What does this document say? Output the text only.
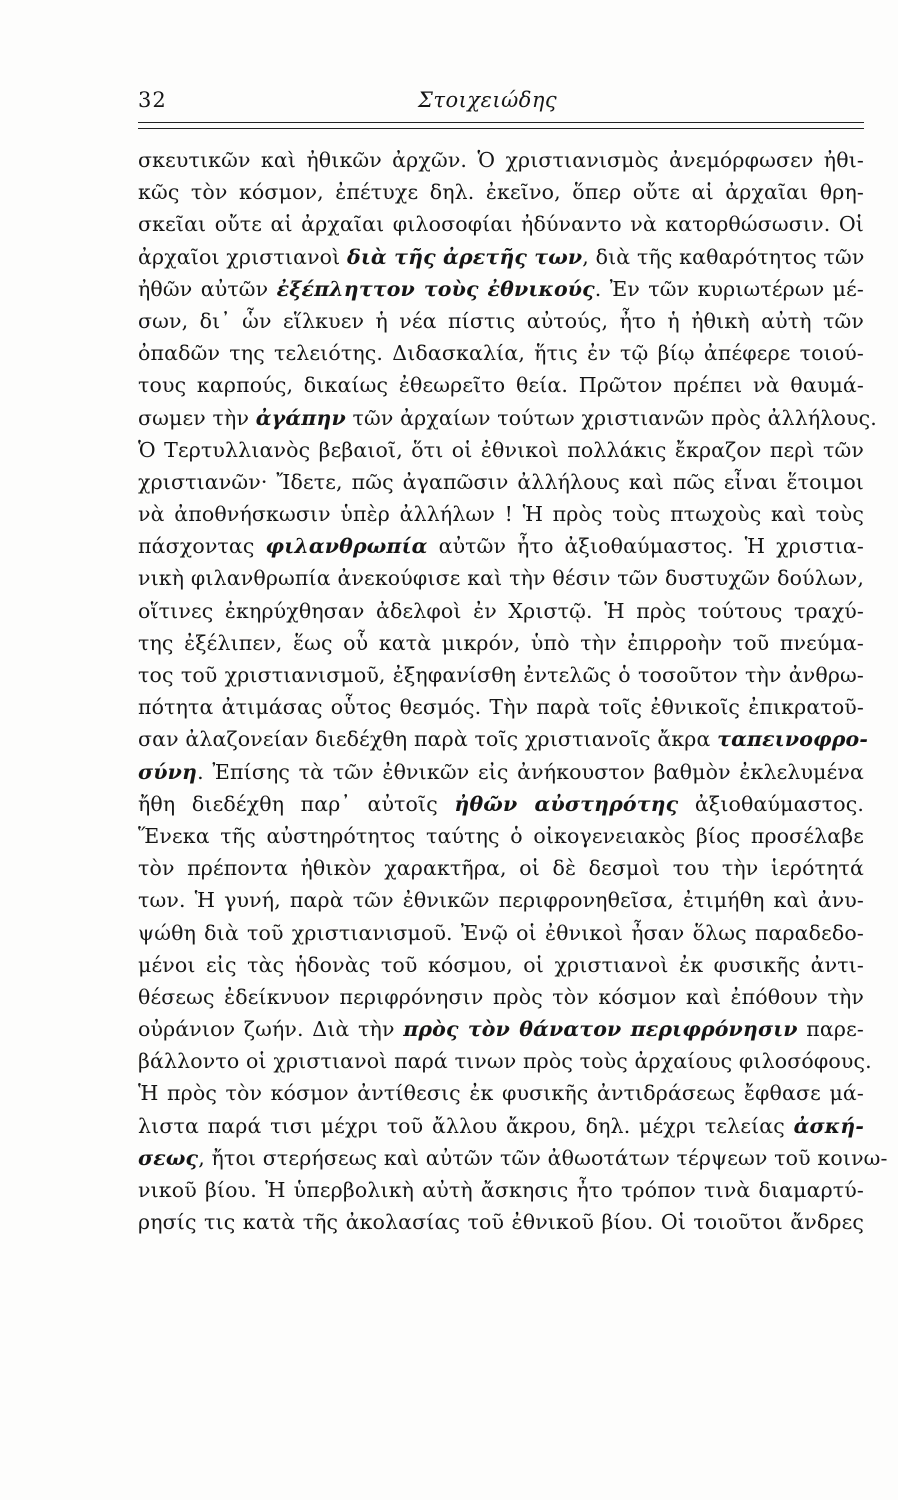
32	Στοιχειώδης
σκευτικῶν καὶ ἠθικῶν ἀρχῶν. Ὁ χριστιανισμὸς ἀνεμόρφωσεν ἠθι-
κῶς τὸν κόσμον, ἐπέτυχε δηλ. ἐκεῖνο, ὅπερ οὔτε αἱ ἀρχαῖαι θρη-
σκεῖαι οὔτε αἱ ἀρχαῖαι φιλοσοφίαι ἠδύναντο νὰ κατορθώσωσιν. Οἱ
ἀρχαῖοι χριστιανοὶ διὰ τῆς ἀρετῆς των, διὰ τῆς καθαρότητος τῶν
ἠθῶν αὐτῶν ἐξέπληττον τοὺς ἐθνικούς. Ἐν τῶν κυριωτέρων μέ-
σων, δι᾽ ὧν εἵλκυεν ἡ νέα πίστις αὐτούς, ἦτο ἡ ἠθικὴ αὐτὴ τῶν
ὀπαδῶν της τελειότης. Διδασκαλία, ἥτις ἐν τῷ βίῳ ἀπέφερε τοιού-
τους καρπούς, δικαίως ἐθεωρεῖτο θεία. Πρῶτον πρέπει νὰ θαυμά-
σωμεν τὴν ἀγάπην τῶν ἀρχαίων τούτων χριστιανῶν πρὸς ἀλλήλους.
Ὁ Τερτυλλιανὸς βεβαιοῖ, ὅτι οἱ ἐθνικοὶ πολλάκις ἔκραζον περὶ τῶν
χριστιανῶν· Ἴδετε, πῶς ἀγαπῶσιν ἀλλήλους καὶ πῶς εἶναι ἕτοιμοι
νὰ ἀποθνήσκωσιν ὑπὲρ ἀλλήλων ! Ἡ πρὸς τοὺς πτωχοὺς καὶ τοὺς
πάσχοντας φιλανθρωπία αὐτῶν ἦτο ἀξιοθαύμαστος. Ἡ χριστια-
νικὴ φιλανθρωπία ἀνεκούφισε καὶ τὴν θέσιν τῶν δυστυχῶν δούλων,
οἵτινες ἐκηρύχθησαν ἀδελφοὶ ἐν Χριστῷ. Ἡ πρὸς τούτους τραχύ-
της ἐξέλιπεν, ἕως οὗ κατὰ μικρόν, ὑπὸ τὴν ἐπιρροὴν τοῦ πνεύμα-
τος τοῦ χριστιανισμοῦ, ἐξηφανίσθη ἐντελῶς ὁ τοσοῦτον τὴν ἀνθρω-
πότητα ἀτιμάσας οὗτος θεσμός. Τὴν παρὰ τοῖς ἐθνικοῖς ἐπικρατοῦ-
σαν ἀλαζονείαν διεδέχθη παρὰ τοῖς χριστιανοῖς ἄκρα ταπεινοφρο-
σύνη. Ἐπίσης τὰ τῶν ἐθνικῶν εἰς ἀνήκουστον βαθμὸν ἐκλελυμένα
ἤθη διεδέχθη παρ᾽ αὐτοῖς ἠθῶν αὐστηρότης ἀξιοθαύμαστος.
Ἕνεκα τῆς αὐστηρότητος ταύτης ὁ οἰκογενειακὸς βίος προσέλαβε
τὸν πρέποντα ἠθικὸν χαρακτῆρα, οἱ δὲ δεσμοὶ του τὴν ἱερότητά
των. Ἡ γυνή, παρὰ τῶν ἐθνικῶν περιφρονηθεῖσα, ἐτιμήθη καὶ ἀνυ-
ψώθη διὰ τοῦ χριστιανισμοῦ. Ἐνῷ οἱ ἐθνικοὶ ἦσαν ὅλως παραδεδο-
μένοι εἰς τὰς ἡδονὰς τοῦ κόσμου, οἱ χριστιανοὶ ἐκ φυσικῆς ἀντι-
θέσεως ἐδείκνυον περιφρόνησιν πρὸς τὸν κόσμον καὶ ἐπόθουν τὴν
οὐράνιον ζωήν. Διὰ τὴν πρὸς τὸν θάνατον περιφρόνησιν παρε-
βάλλοντο οἱ χριστιανοὶ παρά τινων πρὸς τοὺς ἀρχαίους φιλοσόφους.
Ἡ πρὸς τὸν κόσμον ἀντίθεσις ἐκ φυσικῆς ἀντιδράσεως ἔφθασε μά-
λιστα παρά τισι μέχρι τοῦ ἄλλου ἄκρου, δηλ. μέχρι τελείας ἀσκή-
σεως, ἤτοι στερήσεως καὶ αὐτῶν τῶν ἀθωοτάτων τέρψεων τοῦ κοινω-
νικοῦ βίου. Ἡ ὑπερβολικὴ αὐτὴ ἄσκησις ἦτο τρόπον τινὰ διαμαρτύ-
ρησίς τις κατὰ τῆς ἀκολασίας τοῦ ἐθνικοῦ βίου. Οἱ τοιοῦτοι ἄνδρες
